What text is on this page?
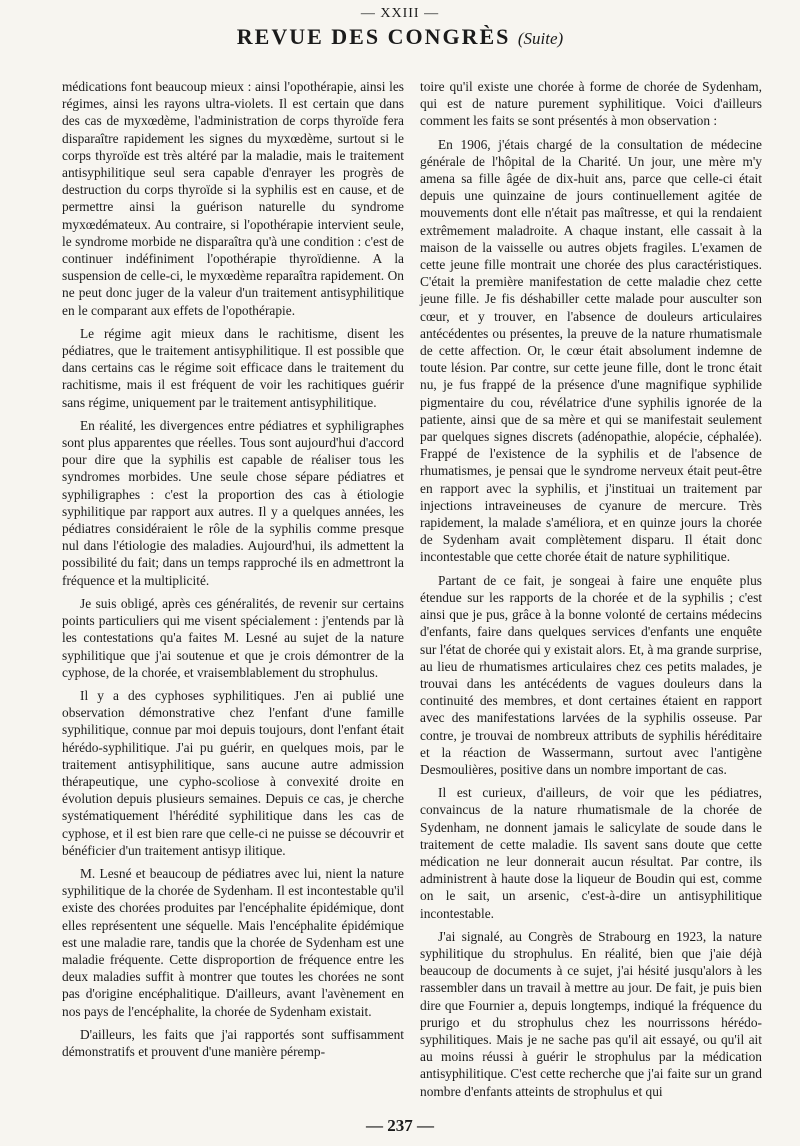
— XXIII —
REVUE DES CONGRÈS (Suite)

médications font beaucoup mieux : ainsi l'opothérapie, ainsi les régimes, ainsi les rayons ultra-violets. Il est certain que dans des cas de myxœdème, l'administration de corps thyroïde fera disparaître rapidement les signes du myxœdème, surtout si le corps thyroïde est très altéré par la maladie, mais le traitement antisyphilitique seul sera capable d'enrayer les progrès de destruction du corps thyroïde si la syphilis est en cause, et de permettre ainsi la guérison naturelle du syndrome myxœdémateux. Au contraire, si l'opothérapie intervient seule, le syndrome morbide ne disparaîtra qu'à une condition : c'est de continuer indéfiniment l'opothérapie thyroïdienne. A la suspension de celle-ci, le myxœdème reparaîtra rapidement. On ne peut donc juger de la valeur d'un traitement antisyphilitique en le comparant aux effets de l'opothérapie.

Le régime agit mieux dans le rachitisme, disent les pédiatres, que le traitement antisyphilitique. Il est possible que dans certains cas le régime soit efficace dans le traitement du rachitisme, mais il est fréquent de voir les rachitiques guérir sans régime, uniquement par le traitement antisyphilitique.

En réalité, les divergences entre pédiatres et syphiligraphes sont plus apparentes que réelles. Tous sont aujourd'hui d'accord pour dire que la syphilis est capable de réaliser tous les syndromes morbides. Une seule chose sépare pédiatres et syphiligraphes : c'est la proportion des cas à étiologie syphilitique par rapport aux autres. Il y a quelques années, les pédiatres considéraient le rôle de la syphilis comme presque nul dans l'étiologie des maladies. Aujourd'hui, ils admettent la possibilité du fait; dans un temps rapproché ils en admettront la fréquence et la multiplicité.

Je suis obligé, après ces généralités, de revenir sur certains points particuliers qui me visent spécialement : j'entends par là les contestations qu'a faites M. Lesné au sujet de la nature syphilitique que j'ai soutenue et que je crois démontrer de la cyphose, de la chorée, et vraisemblablement du strophulus.

Il y a des cyphoses syphilitiques. J'en ai publié une observation démonstrative chez l'enfant d'une famille syphilitique, connue par moi depuis toujours, dont l'enfant était hérédo-syphilitique. J'ai pu guérir, en quelques mois, par le traitement antisyphilitique, sans aucune autre admission thérapeutique, une cypho-scoliose à convexité droite en évolution depuis plusieurs semaines. Depuis ce cas, je cherche systématiquement l'hérédité syphilitique dans les cas de cyphose, et il est bien rare que celle-ci ne puisse se découvrir et bénéficier d'un traitement antisyp ilitique.

M. Lesné et beaucoup de pédiatres avec lui, nient la nature syphilitique de la chorée de Sydenham. Il est incontestable qu'il existe des chorées produites par l'encéphalite épidémique, dont elles représentent une séquelle. Mais l'encéphalite épidémique est une maladie rare, tandis que la chorée de Sydenham est une maladie fréquente. Cette disproportion de fréquence entre les deux maladies suffit à montrer que toutes les chorées ne sont pas d'origine encéphalitique. D'ailleurs, avant l'avènement en nos pays de l'encéphalite, la chorée de Sydenham existait.

D'ailleurs, les faits que j'ai rapportés sont suffisamment démonstratifs et prouvent d'une manière péremp-

toire qu'il existe une chorée à forme de chorée de Sydenham, qui est de nature purement syphilitique. Voici d'ailleurs comment les faits se sont présentés à mon observation :

En 1906, j'étais chargé de la consultation de médecine générale de l'hôpital de la Charité. Un jour, une mère m'y amena sa fille âgée de dix-huit ans, parce que celle-ci était depuis une quinzaine de jours continuellement agitée de mouvements dont elle n'était pas maîtresse, et qui la rendaient extrêmement maladroite. A chaque instant, elle cassait à la maison de la vaisselle ou autres objets fragiles. L'examen de cette jeune fille montrait une chorée des plus caractéristiques. C'était la première manifestation de cette maladie chez cette jeune fille. Je fis déshabiller cette malade pour ausculter son cœur, et y trouver, en l'absence de douleurs articulaires antécédentes ou présentes, la preuve de la nature rhumatismale de cette affection. Or, le cœur était absolument indemne de toute lésion. Par contre, sur cette jeune fille, dont le tronc était nu, je fus frappé de la présence d'une magnifique syphilide pigmentaire du cou, révélatrice d'une syphilis ignorée de la patiente, ainsi que de sa mère et qui se manifestait seulement par quelques signes discrets (adénopathie, alopécie, céphalée). Frappé de l'existence de la syphilis et de l'absence de rhumatismes, je pensai que le syndrome nerveux était peut-être en rapport avec la syphilis, et j'instituai un traitement par injections intraveineuses de cyanure de mercure. Très rapidement, la malade s'améliora, et en quinze jours la chorée de Sydenham avait complètement disparu. Il était donc incontestable que cette chorée était de nature syphilitique.

Partant de ce fait, je songeai à faire une enquête plus étendue sur les rapports de la chorée et de la syphilis ; c'est ainsi que je pus, grâce à la bonne volonté de certains médecins d'enfants, faire dans quelques services d'enfants une enquête sur l'état de chorée qui y existait alors. Et, à ma grande surprise, au lieu de rhumatismes articulaires chez ces petits malades, je trouvai dans les antécédents de vagues douleurs dans la continuité des membres, et dont certaines étaient en rapport avec des manifestations larvées de la syphilis osseuse. Par contre, je trouvai de nombreux attributs de syphilis héréditaire et la réaction de Wassermann, surtout avec l'antigène Desmoulières, positive dans un nombre important de cas.

Il est curieux, d'ailleurs, de voir que les pédiatres, convaincus de la nature rhumatismale de la chorée de Sydenham, ne donnent jamais le salicylate de soude dans le traitement de cette maladie. Ils savent sans doute que cette médication ne leur donnerait aucun résultat. Par contre, ils administrent à haute dose la liqueur de Boudin qui est, comme on le sait, un arsenic, c'est-à-dire un antisyphilitique incontestable.

J'ai signalé, au Congrès de Strabourg en 1923, la nature syphilitique du strophulus. En réalité, bien que j'aie déjà beaucoup de documents à ce sujet, j'ai hésité jusqu'alors à les rassembler dans un travail à mettre au jour. De fait, je puis bien dire que Fournier a, depuis longtemps, indiqué la fréquence du prurigo et du strophulus chez les nourrissons hérédo-syphilitiques. Mais je ne sache pas qu'il ait essayé, ou qu'il ait au moins réussi à guérir le strophulus par la médication antisyphilitique. C'est cette recherche que j'ai faite sur un grand nombre d'enfants atteints de strophulus et qui

— 237 —
